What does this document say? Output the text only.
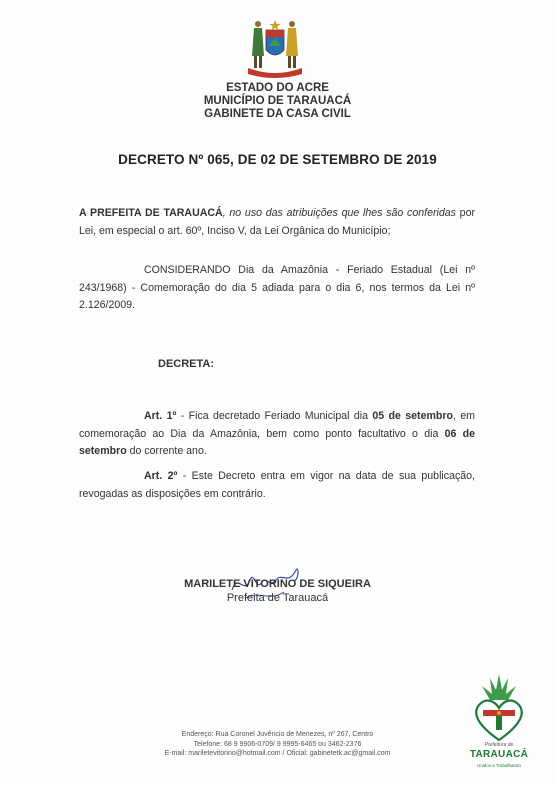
ESTADO DO ACRE
MUNICÍPIO DE TARAUACÁ
GABINETE DA CASA CIVIL
DECRETO Nº 065, DE 02 DE SETEMBRO DE 2019
A PREFEITA DE TARAUACÁ, no uso das atribuições que lhes são conferidas por Lei, em especial o art. 60º, Inciso V, da Lei Orgânica do Município;
CONSIDERANDO Dia da Amazônia - Feriado Estadual (Lei nº 243/1968) - Comemoração do dia 5 adiada para o dia 6, nos termos da Lei nº 2.126/2009.
DECRETA:
Art. 1º - Fica decretado Feriado Municipal dia 05 de setembro, em comemoração ao Dia da Amazônia, bem como ponto facultativo o dia 06 de setembro do corrente ano.
Art. 2º - Este Decreto entra em vigor na data de sua publicação, revogadas as disposições em contrário.
MARILETE VITORINO DE SIQUEIRA
Prefeita de Tarauacá
Endereço: Rua Coronel Juvêncio de Menezes, nº 267, Centro
Telefone: 68 9 9906-0709/ 9 9995-6465 ou 3462-2376
E-mail: mariletevitorino@hotmail.com / Oficial: gabinetetk.ac@gmail.com
Prefeitura de
TARAUACÁ
Unidos e Trabalhando
